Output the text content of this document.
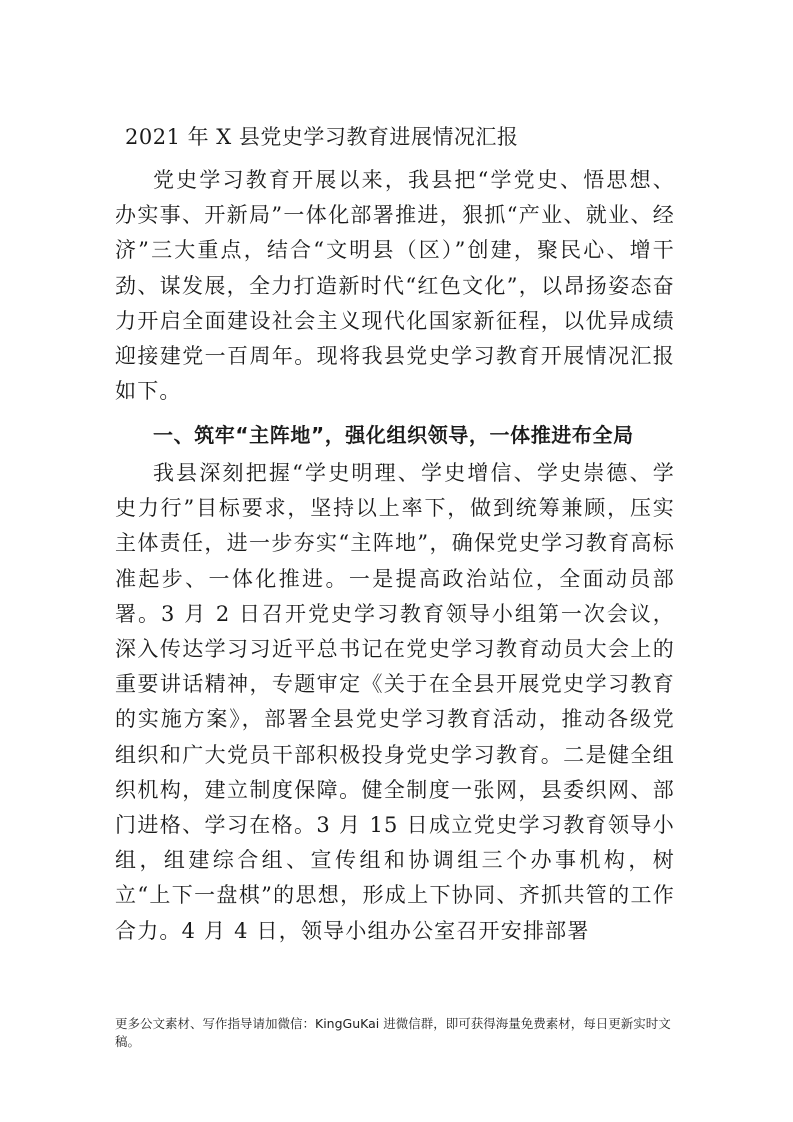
2021 年 X 县党史学习教育进展情况汇报

党史学习教育开展以来，我县把“学党史、悟思想、办实事、开新局”一体化部署推进，狠抓“产业、就业、经济”三大重点，结合“文明县（区）”创建，聚民心、增干劲、谋发展，全力打造新时代“红色文化”，以昂扬姿态奋力开启全面建设社会主义现代化国家新征程，以优异成绩迎接建党一百周年。现将我县党史学习教育开展情况汇报如下。

一、筑牢“主阵地”，强化组织领导，一体推进布全局

我县深刻把握“学史明理、学史增信、学史崇德、学史力行”目标要求，坚持以上率下，做到统筹兼顾，压实主体责任，进一步夯实“主阵地”，确保党史学习教育高标准起步、一体化推进。一是提高政治站位，全面动员部署。3 月 2 日召开党史学习教育领导小组第一次会议，深入传达学习习近平总书记在党史学习教育动员大会上的重要讲话精神，专题审定《关于在全县开展党史学习教育的实施方案》，部署全县党史学习教育活动，推动各级党组织和广大党员干部积极投身党史学习教育。二是健全组织机构，建立制度保障。健全制度一张网，县委织网、部门进格、学习在格。3 月 15 日成立党史学习教育领导小组，组建综合组、宣传组和协调组三个办事机构，树立“上下一盘棋”的思想，形成上下协同、齐抓共管的工作合力。4 月 4 日，领导小组办公室召开安排部署

更多公文素材、写作指导请加微信：KingGuKai 进微信群，即可获得海量免费素材，每日更新实时文稿。
